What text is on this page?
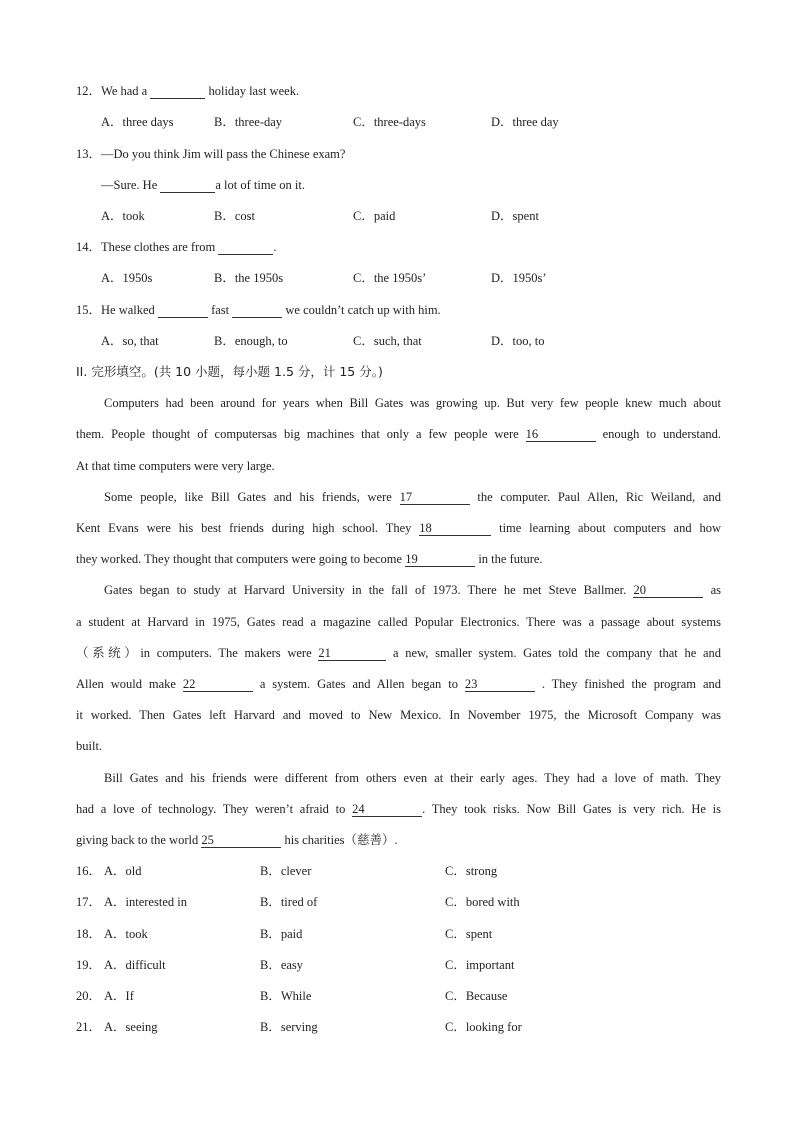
12．We had a	holiday last week.
A．three days	B．three-day	C．three-days	D．three day
13．—Do you think Jim will pass the Chinese exam?
—Sure. He	a lot of time on it.
A．took	B．cost	C．paid	D．spent
14．These clothes are from	.
A．1950s	B．the 1950s	C．the 1950s’	D．1950s’
15．He walked	fast	we couldn’t catch up with him.
A．so, that	B．enough, to	C．such, that	D．too, to
II. 完形填空。(共 10 小题，每小题 1.5 分，计 15 分。)
Computers had been around for years when Bill Gates was growing up. But very few people knew much about
them. People thought of computersas big machines that only a few people were 16	enough to understand.
At that time computers were very large.
Some people, like Bill Gates and his friends, were 17	the computer. Paul Allen, Ric Weiland, and
Kent Evans were his best friends during high school. They 18	time learning about computers and how
they worked. They thought that computers were going to become 19	in the future.
Gates began to study at Harvard University in the fall of 1973. There he met Steve Ballmer. 20	as
a student at Harvard in 1975, Gates read a magazine called Popular Electronics. There was a passage about systems
（系统）in computers. The makers were 21	a new, smaller system. Gates told the company that he and
Allen would make 22	a system. Gates and Allen began to 23	. They finished the program and
it worked. Then Gates left Harvard and moved to New Mexico. In November 1975, the Microsoft Company was
built.
Bill Gates and his friends were different from others even at their early ages. They had a love of math. They
had a love of technology. They weren’t afraid to 24	. They took risks. Now Bill Gates is very rich. He is
giving back to the world 25	his charities（慈善）.
16． A．old	B．clever	C．strong
17． A．interested in	B．tired of	C．bored with
18． A．took	B．paid	C．spent
19． A．difficult	B．easy	C．important
20． A．If	B．While	C．Because
21． A．seeing	B．serving	C．looking for
